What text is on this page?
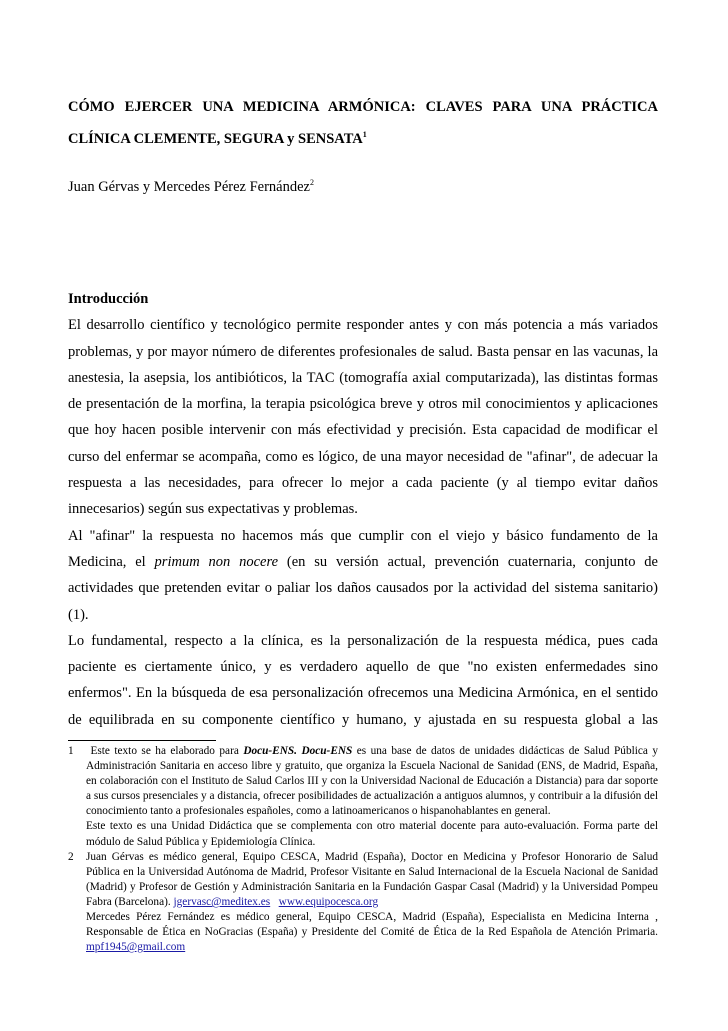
CÓMO EJERCER UNA MEDICINA ARMÓNICA: CLAVES PARA UNA PRÁCTICA CLÍNICA CLEMENTE, SEGURA y SENSATA$^1$
Juan Gérvas y Mercedes Pérez Fernández$^2$
Introducción

El desarrollo científico y tecnológico permite responder antes y con más potencia a más variados problemas, y por mayor número de diferentes profesionales de salud. Basta pensar en las vacunas, la anestesia, la asepsia, los antibióticos, la TAC (tomografía axial computarizada), las distintas formas de presentación de la morfina, la terapia psicológica breve y otros mil conocimientos y aplicaciones que hoy hacen posible intervenir con más efectividad y precisión. Esta capacidad de modificar el curso del enfermar se acompaña, como es lógico, de una mayor necesidad de "afinar", de adecuar la respuesta a las necesidades, para ofrecer lo mejor a cada paciente (y al tiempo evitar daños innecesarios) según sus expectativas y problemas.

Al "afinar" la respuesta no hacemos más que cumplir con el viejo y básico fundamento de la Medicina, el primum non nocere (en su versión actual, prevención cuaternaria, conjunto de actividades que pretenden evitar o paliar los daños causados por la actividad del sistema sanitario) (1).

Lo fundamental, respecto a la clínica, es la personalización de la respuesta médica, pues cada paciente es ciertamente único, y es verdadero aquello de que "no existen enfermedades sino enfermos". En la búsqueda de esa personalización ofrecemos una Medicina Armónica, en el sentido de equilibrada en su componente científico y humano, y ajustada en su respuesta global a las

1	Este texto se ha elaborado para Docu-ENS. Docu-ENS es una base de datos de unidades didácticas de Salud Pública y Administración Sanitaria en acceso libre y gratuito, que organiza la Escuela Nacional de Sanidad (ENS, de Madrid, España, en colaboración con el Instituto de Salud Carlos III y con la Universidad Nacional de Educación a Distancia) para dar soporte a sus cursos presenciales y a distancia, ofrecer posibilidades de actualización a antiguos alumnos, y contribuir a la difusión del conocimiento tanto a profesionales españoles, como a latinoamericanos o hispanohablantes en general.

Este texto es una Unidad Didáctica que se complementa con otro material docente para auto-evaluación. Forma parte del módulo de Salud Pública y Epidemiología Clínica.

2 Juan Gérvas es médico general, Equipo CESCA, Madrid (España), Doctor en Medicina y Profesor Honorario de Salud Pública en la Universidad Autónoma de Madrid, Profesor Visitante en Salud Internacional de la Escuela Nacional de Sanidad (Madrid) y Profesor de Gestión y Administración Sanitaria en la Fundación Gaspar Casal (Madrid) y la Universidad Pompeu Fabra (Barcelona). jgervasc@meditex.es www.equipocesca.org

Mercedes Pérez Fernández es médico general, Equipo CESCA, Madrid (España), Especialista en Medicina Interna , Responsable de Ética en NoGracias (España) y Presidente del Comité de Ética de la Red Española de Atención Primaria. mpf1945@gmail.com
